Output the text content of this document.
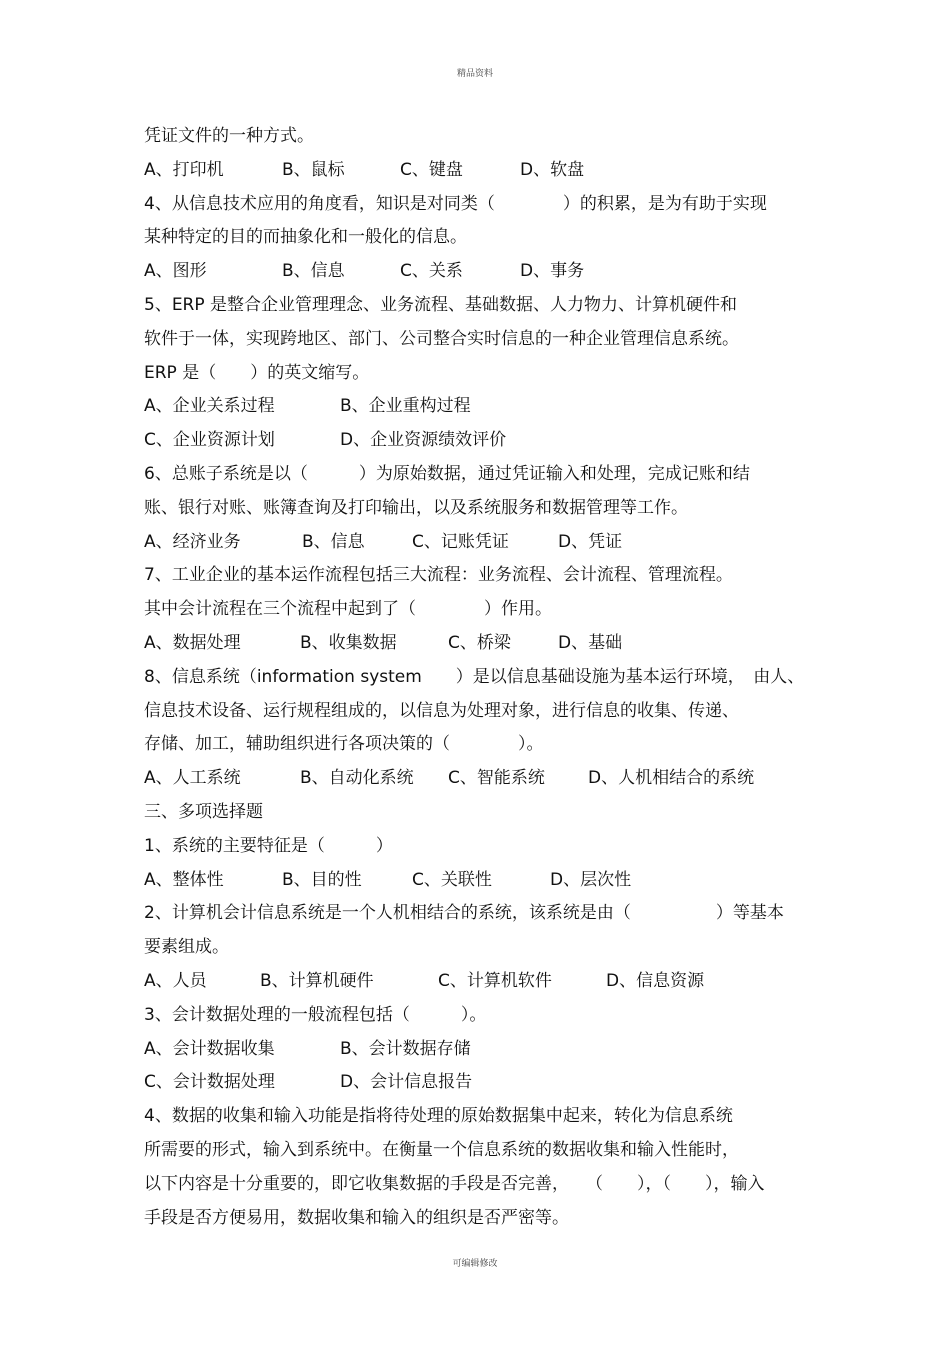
精品资料
凭证文件的一种方式。
A、打印机	B、鼠标	C、键盘	D、软盘
4、从信息技术应用的角度看，知识是对同类（　　　　）的积累，是为有助于实现
某种特定的目的而抽象化和一般化的信息。
A、图形	B、信息	C、关系	D、事务
5、ERP 是整合企业管理理念、业务流程、基础数据、人力物力、计算机硬件和
软件于一体，实现跨地区、部门、公司整合实时信息的一种企业管理信息系统。
ERP 是（　　）的英文缩写。
A、企业关系过程	B、企业重构过程
C、企业资源计划	D、企业资源绩效评价
6、总账子系统是以（　　　）为原始数据，通过凭证输入和处理，完成记账和结
账、银行对账、账簿查询及打印输出，以及系统服务和数据管理等工作。
A、经济业务	B、信息	C、记账凭证	D、凭证
7、工业企业的基本运作流程包括三大流程：业务流程、会计流程、管理流程。
其中会计流程在三个流程中起到了（　　　　）作用。
A、数据处理	B、收集数据	C、桥梁	D、基础
8、信息系统（information system　　）是以信息基础设施为基本运行环境，　由人、
信息技术设备、运行规程组成的，以信息为处理对象，进行信息的收集、传递、
存储、加工，辅助组织进行各项决策的（　　　　）。
A、人工系统	B、自动化系统 C、智能系统	D、人机相结合的系统
三、多项选择题
1、系统的主要特征是（　　　）
A、整体性	B、目的性	C、关联性	D、层次性
2、计算机会计信息系统是一个人机相结合的系统，该系统是由（　　　　　）等基本
要素组成。
A、人员	B、计算机硬件	C、计算机软件	D、信息资源
3、会计数据处理的一般流程包括（　　　）。
A、会计数据收集	B、会计数据存储
C、会计数据处理	D、会计信息报告
4、数据的收集和输入功能是指将待处理的原始数据集中起来，转化为信息系统
所需要的形式，输入到系统中。在衡量一个信息系统的数据收集和输入性能时，
以下内容是十分重要的，即它收集数据的手段是否完善，　　（　　），（　　），输入
手段是否方便易用，数据收集和输入的组织是否严密等。
可编辑修改
